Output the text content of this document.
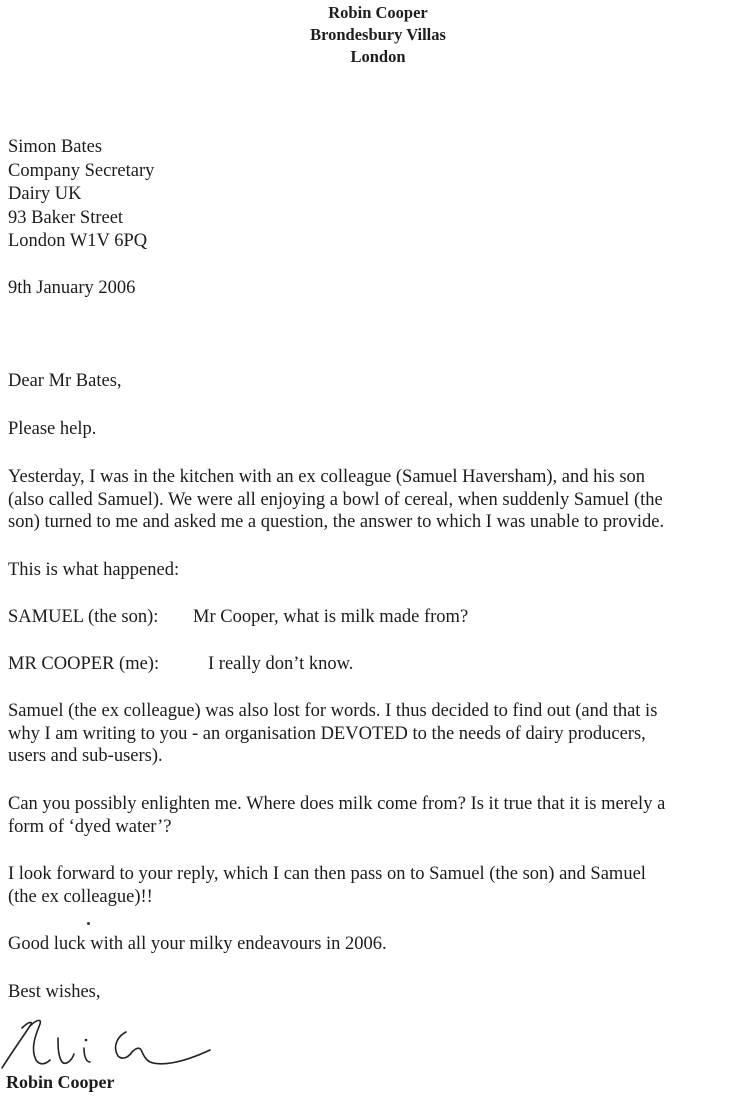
Robin Cooper
Brondesbury Villas
London
Simon Bates
Company Secretary
Dairy UK
93 Baker Street
London W1V 6PQ
9th January 2006
Dear Mr Bates,
Please help.
Yesterday, I was in the kitchen with an ex colleague (Samuel Haversham), and his son
(also called Samuel). We were all enjoying a bowl of cereal, when suddenly Samuel (the
son) turned to me and asked me a question, the answer to which I was unable to provide.
This is what happened:
SAMUEL (the son): Mr Cooper, what is milk made from?
MR COOPER (me):	I really don’t know.
Samuel (the ex colleague) was also lost for words. I thus decided to find out (and that is
why I am writing to you - an organisation DEVOTED to the needs of dairy producers,
users and sub-users).
Can you possibly enlighten me. Where does milk come from? Is it true that it is merely a
form of ‘dyed water’?
I look forward to your reply, which I can then pass on to Samuel (the son) and Samuel
(the ex colleague)!!
Good luck with all your milky endeavours in 2006.
Best wishes,
Robin Cooper
